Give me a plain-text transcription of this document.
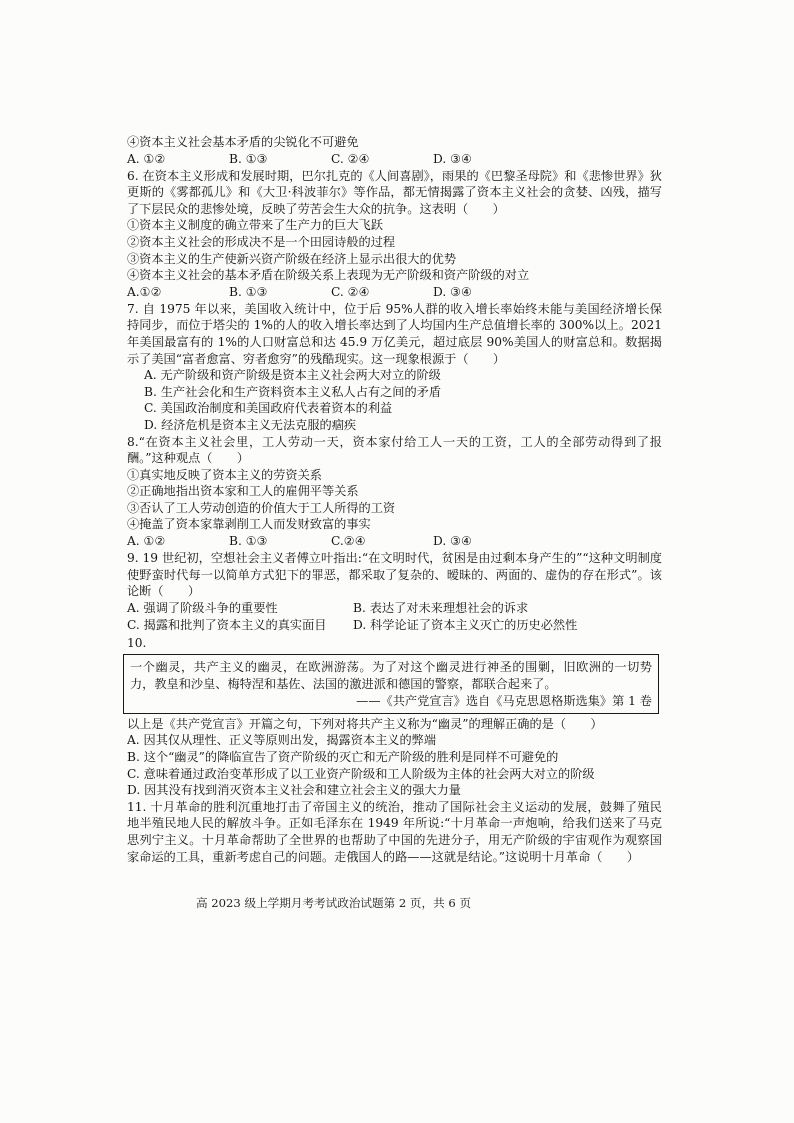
④资本主义社会基本矛盾的尖锐化不可避免
A. ①②	B. ①③	C. ②④	D. ③④
6. 在资本主义形成和发展时期，巴尔扎克的《人间喜剧》，雨果的《巴黎圣母院》和《悲惨世界》狄更斯的《雾都孤儿》和《大卫·科波菲尔》等作品，都无情揭露了资本主义社会的贪婪、凶残，描写了下层民众的悲惨处境，反映了劳苦会生大众的抗争。这表明（　　）
①资本主义制度的确立带来了生产力的巨大飞跃
②资本主义社会的形成决不是一个田园诗般的过程
③资本主义的生产使新兴资产阶级在经济上显示出很大的优势
④资本主义社会的基本矛盾在阶级关系上表现为无产阶级和资产阶级的对立
A.①②	B. ①③	C. ②④	D. ③④
7. 自 1975 年以来，美国收入统计中，位于后 95%人群的收入增长率始终未能与美国经济增长保持同步，而位于塔尖的 1%的人的收入增长率达到了人均国内生产总值增长率的 300%以上。2021 年美国最富有的 1%的人口财富总和达 45.9 万亿美元，超过底层 90%美国人的财富总和。数据揭示了美国“富者愈富、穷者愈穷”的残酷现实。这一现象根源于（　　）
A. 无产阶级和资产阶级是资本主义社会两大对立的阶级
B. 生产社会化和生产资料资本主义私人占有之间的矛盾
C. 美国政治制度和美国政府代表着资本的利益
D. 经济危机是资本主义无法克服的痼疾
8.“在资本主义社会里，工人劳动一天，资本家付给工人一天的工资，工人的全部劳动得到了报酬。”这种观点（　　）
①真实地反映了资本主义的劳资关系
②正确地指出资本家和工人的雇佣平等关系
③否认了工人劳动创造的价值大于工人所得的工资
④掩盖了资本家靠剥削工人而发财致富的事实
A. ①②	B. ①③	C.②④	D. ③④
9. 19 世纪初，空想社会主义者傅立叶指出:“在文明时代，贫困是由过剩本身产生的”“这种文明制度使野蛮时代每一以简单方式犯下的罪恶，都采取了复杂的、暧昧的、两面的、虚伪的存在形式”。该论断（　　）
A. 强调了阶级斗争的重要性	B. 表达了对未来理想社会的诉求
C. 揭露和批判了资本主义的真实面目	D. 科学论证了资本主义灭亡的历史必然性
10.
一个幽灵，共产主义的幽灵，在欧洲游荡。为了对这个幽灵进行神圣的围剿，旧欧洲的一切势力，教皇和沙皇、梅特涅和基佐、法国的激进派和德国的警察，都联合起来了。
——《共产党宣言》选自《马克思恩格斯选集》第 1 卷
以上是《共产党宣言》开篇之句，下列对将共产主义称为“幽灵”的理解正确的是（　　）
A. 因其仅从理性、正义等原则出发，揭露资本主义的弊端
B. 这个“幽灵”的降临宣告了资产阶级的灭亡和无产阶级的胜利是同样不可避免的
C. 意味着通过政治变革形成了以工业资产阶级和工人阶级为主体的社会两大对立的阶级
D. 因其没有找到消灭资本主义社会和建立社会主义的强大力量
11. 十月革命的胜利沉重地打击了帝国主义的统治，推动了国际社会主义运动的发展，鼓舞了殖民地半殖民地人民的解放斗争。正如毛泽东在 1949 年所说:“十月革命一声炮响，给我们送来了马克思列宁主义。十月革命帮助了全世界的也帮助了中国的先进分子，用无产阶级的宇宙观作为观察国家命运的工具，重新考虑自己的问题。走俄国人的路——这就是结论。”这说明十月革命（　　）
高 2023 级上学期月考考试政治试题第 2 页，共 6 页
